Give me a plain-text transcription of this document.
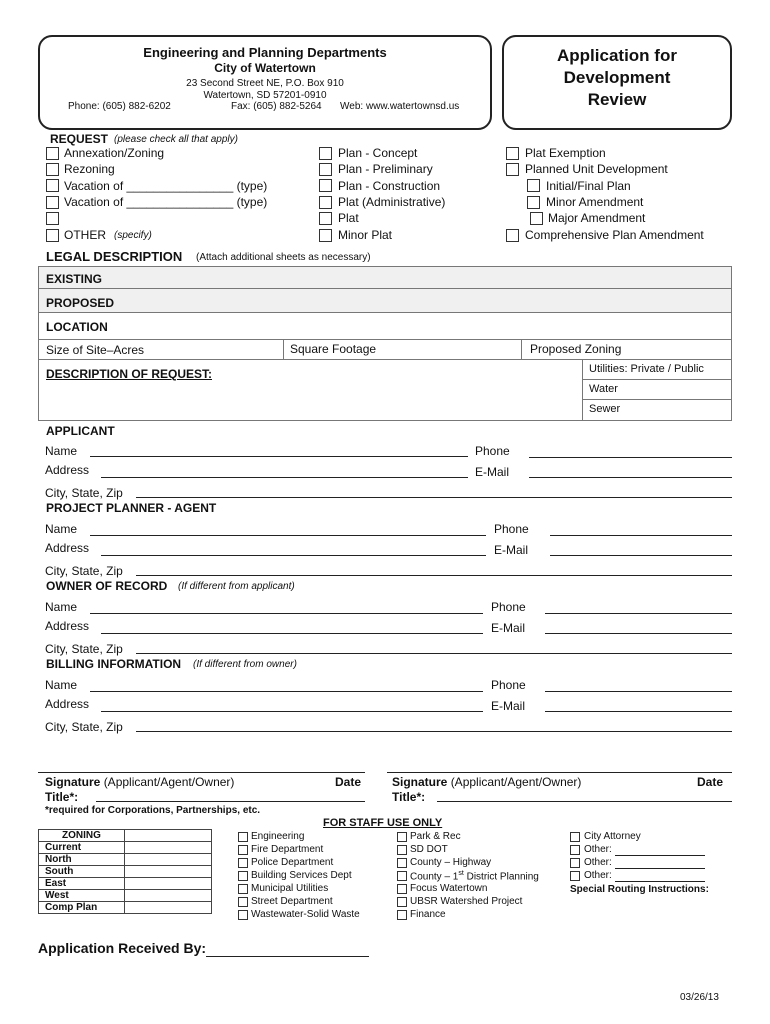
Engineering and Planning Departments
City of Watertown
23 Second Street NE, P.O. Box 910
Watertown, SD 57201-0910
Phone: (605) 882-6202	Fax: (605) 882-5264 Web: www.watertownsd.us
Application for
Development
Review
REQUEST (please check all that apply)
Annexation/Zoning
Rezoning
Vacation of ________________ (type)
Vacation of ________________ (type)
OTHER (specify)
Plan - Concept
Plan - Preliminary
Plan - Construction
Plat (Administrative)
Plat
Minor Plat
Plat Exemption
Planned Unit Development
Initial/Final Plan
Minor Amendment
Major Amendment
Comprehensive Plan Amendment
LEGAL DESCRIPTION (Attach additional sheets as necessary)
EXISTING
PROPOSED
LOCATION
Size of Site–Acres	Square Footage	Proposed Zoning
DESCRIPTION OF REQUEST:	Utilities: Private / Public
Water
Sewer
APPLICANT
Name	Phone
Address	E-Mail
City, State, Zip
PROJECT PLANNER - AGENT
Name	Phone
Address	E-Mail
City, State, Zip
OWNER OF RECORD (If different from applicant)
Name	Phone
Address	E-Mail
City, State, Zip
BILLING INFORMATION (If different from owner)
Name	Phone
Address	E-Mail
City, State, Zip
Signature (Applicant/Agent/Owner)	Date
Title*:
*required for Corporations, Partnerships, etc.
Signature (Applicant/Agent/Owner)	Date
Title*:
FOR STAFF USE ONLY
ZONING	
Current	
North	
South	
East	
West	
Comp Plan	
Engineering
Fire Department
Police Department
Building Services Dept
Municipal Utilities
Street Department
Wastewater-Solid Waste
Park & Rec
SD DOT
County – Highway
County – 1st District Planning
Focus Watertown
UBSR Watershed Project
Finance
City Attorney
Other:
Other:
Other:
Special Routing Instructions:
Application Received By:
03/26/13
